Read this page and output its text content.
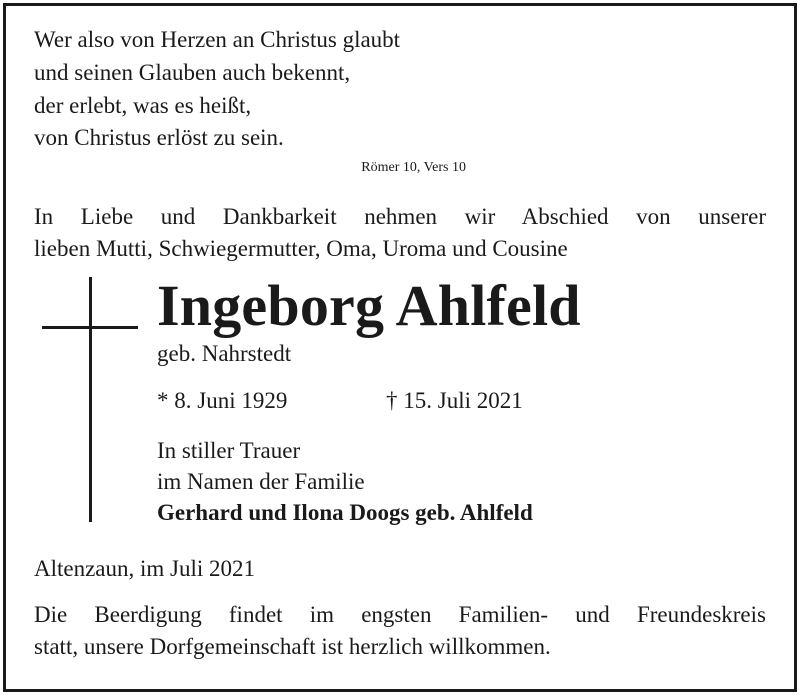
Wer also von Herzen an Christus glaubt
und seinen Glauben auch bekennt,
der erlebt, was es heißt,
von Christus erlöst zu sein.
Römer 10, Vers 10
In Liebe und Dankbarkeit nehmen wir Abschied von unserer
lieben Mutti, Schwiegermutter, Oma, Uroma und Cousine
Ingeborg Ahlfeld
geb. Nahrstedt
* 8. Juni 1929	† 15. Juli 2021
In stiller Trauer
im Namen der Familie
Gerhard und Ilona Doogs geb. Ahlfeld
Altenzaun, im Juli 2021
Die Beerdigung findet im engsten Familien- und Freundeskreis
statt, unsere Dorfgemeinschaft ist herzlich willkommen.
